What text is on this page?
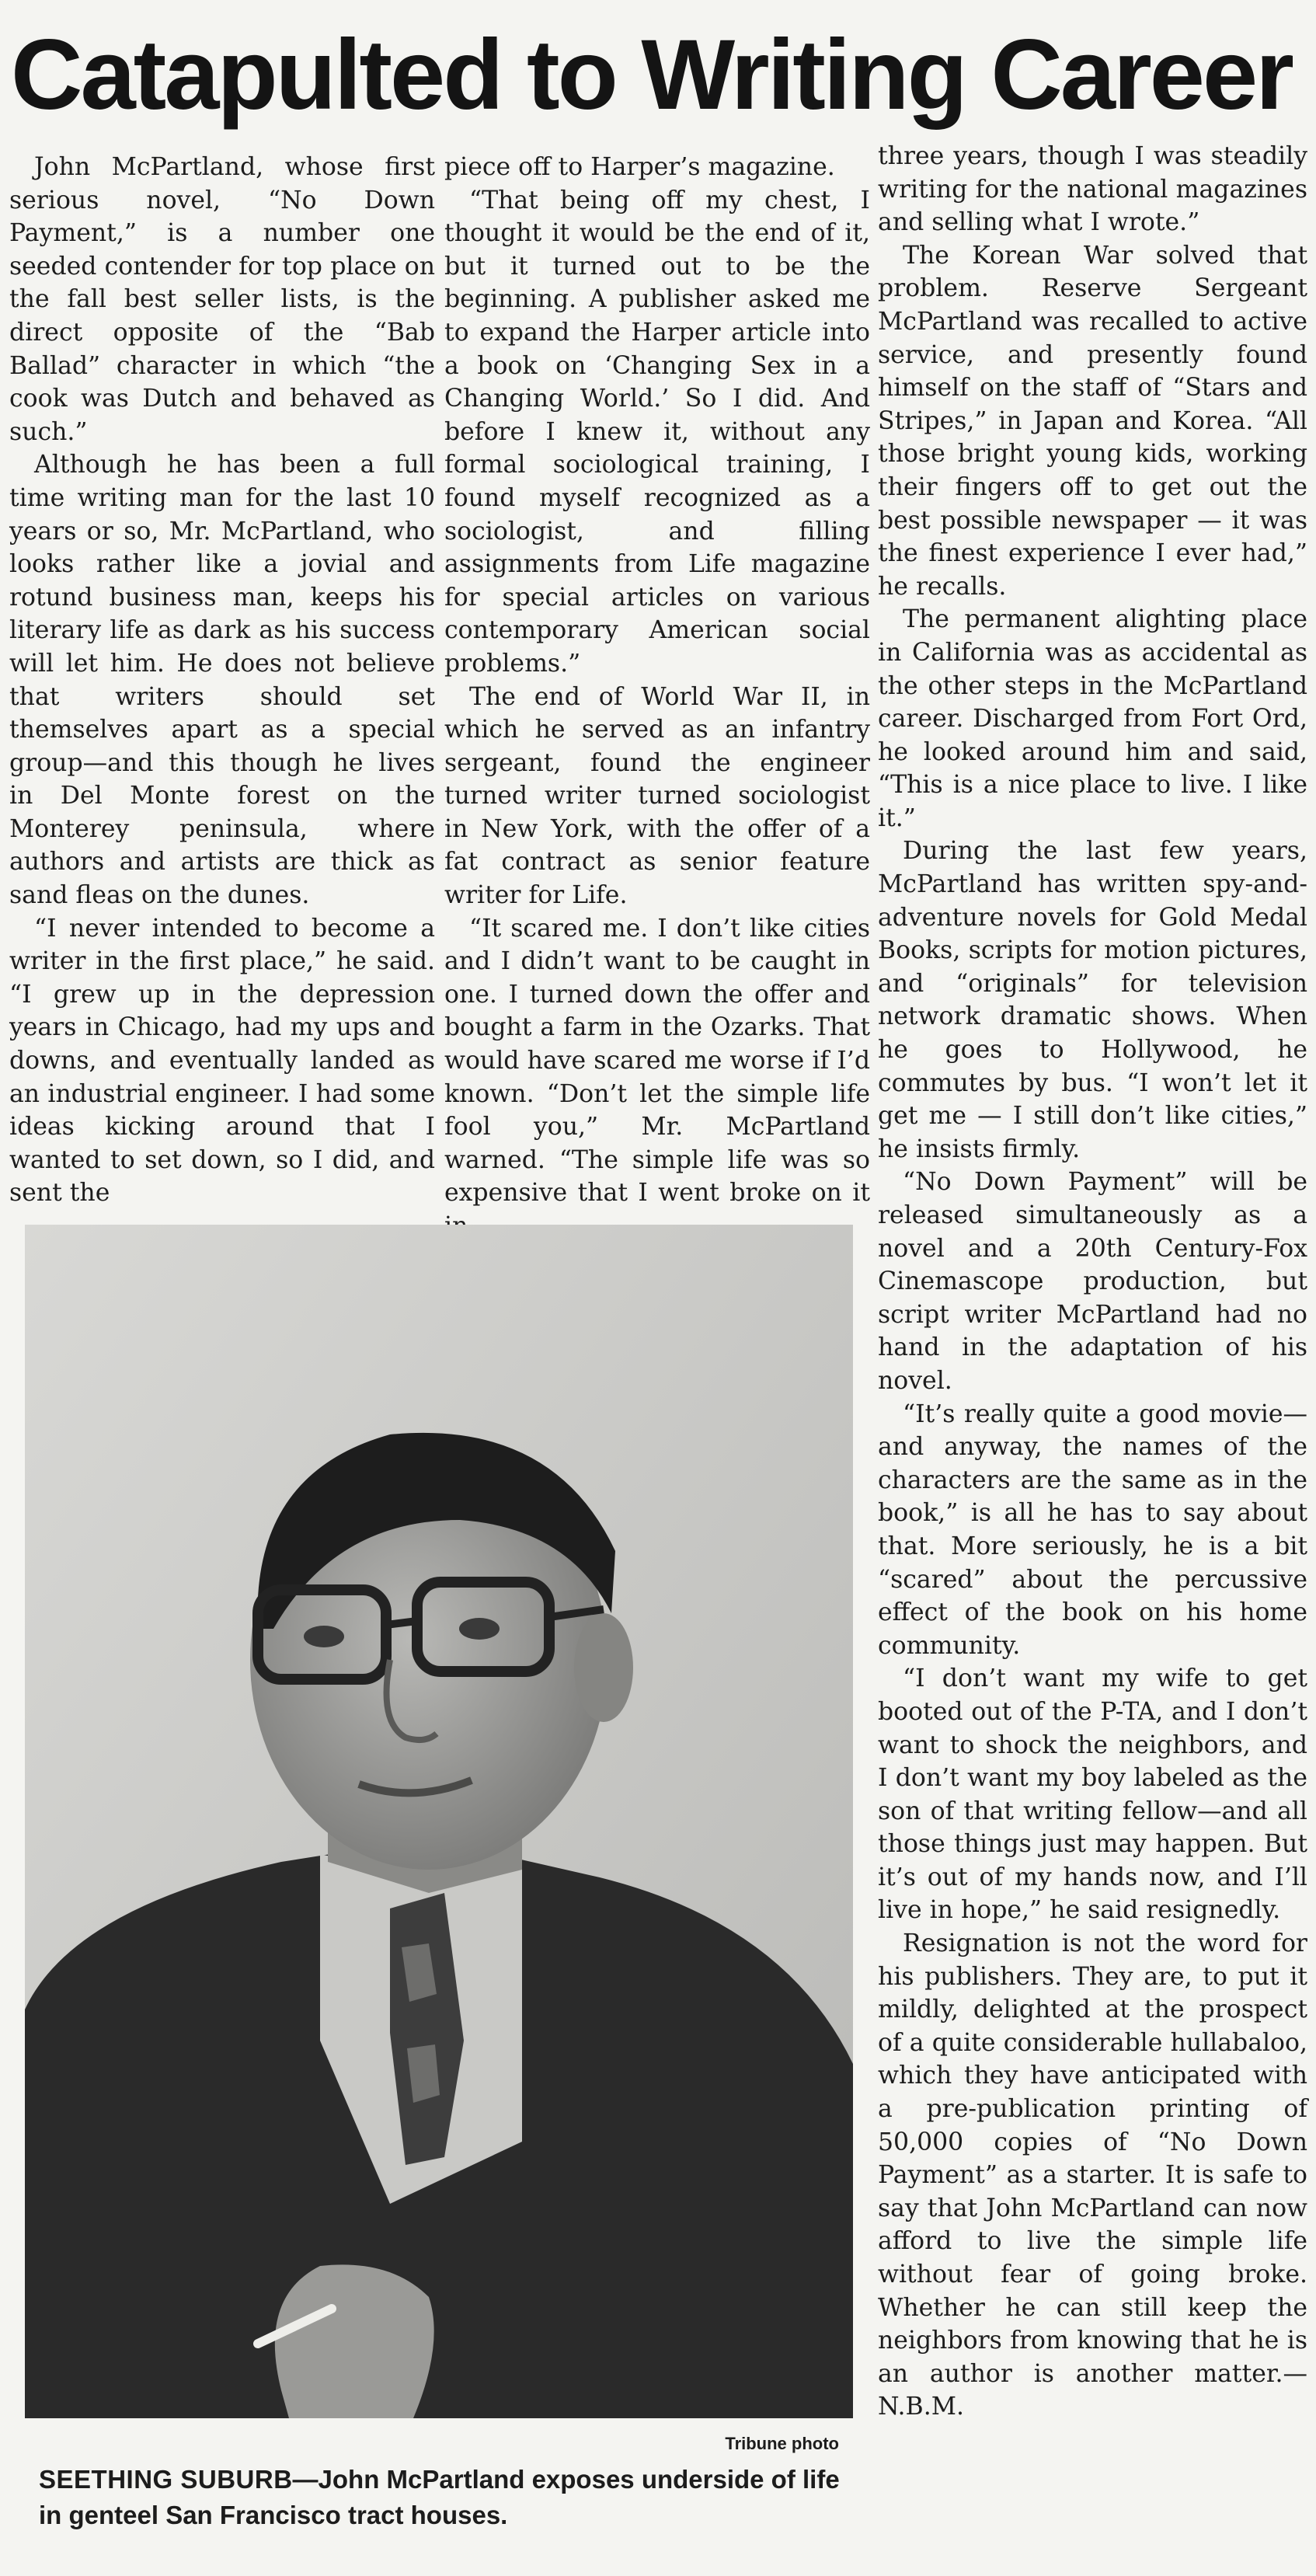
Catapulted to Writing Career

John McPartland, whose first serious novel, “No Down Payment,” is a number one seeded contender for top place on the fall best seller lists, is the direct opposite of the “Bab Ballad” character in which “the cook was Dutch and behaved as such.”

Although he has been a full time writing man for the last 10 years or so, Mr. McPartland, who looks rather like a jovial and rotund business man, keeps his literary life as dark as his success will let him. He does not believe that writers should set themselves apart as a special group—and this though he lives in Del Monte forest on the Monterey peninsula, where authors and artists are thick as sand fleas on the dunes.

“I never intended to become a writer in the first place,” he said. “I grew up in the depression years in Chicago, had my ups and downs, and eventually landed as an industrial engineer. I had some ideas kicking around that I wanted to set down, so I did, and sent the

piece off to Harper’s magazine.

“That being off my chest, I thought it would be the end of it, but it turned out to be the beginning. A publisher asked me to expand the Harper article into a book on ‘Changing Sex in a Changing World.’ So I did. And before I knew it, without any formal sociological training, I found myself recognized as a sociologist, and filling assignments from Life magazine for special articles on various contemporary American social problems.”

The end of World War II, in which he served as an infantry sergeant, found the engineer turned writer turned sociologist in New York, with the offer of a fat contract as senior feature writer for Life.

“It scared me. I don’t like cities and I didn’t want to be caught in one. I turned down the offer and bought a farm in the Ozarks. That would have scared me worse if I’d known. “Don’t let the simple life fool you,” Mr. McPartland warned. “The simple life was so expensive that I went broke on it

three years, though I was steadily writing for the national magazines and selling what I wrote.”

The Korean War solved that problem. Reserve Sergeant McPartland was recalled to active service, and presently found himself on the staff of “Stars and Stripes,” in Japan and Korea. “All those bright young kids, working their fingers off to get out the best possible newspaper — it was the finest experience I ever had,” he recalls.

The permanent alighting place in California was as accidental as the other steps in the McPartland career. Discharged from Fort Ord, he looked around him and said, “This is a nice place to live. I like it.”

During the last few years, McPartland has written spy-and-adventure novels for Gold Medal Books, scripts for motion pictures, and “originals” for television network dramatic shows. When he goes to Hollywood, he commutes by bus. “I won’t let it get me — I still don’t like cities,” he insists firmly.

“No Down Payment” will be released simultaneously as a novel and a 20th Century-Fox Cinemascope production, but script writer McPartland had no hand in the adaptation of his novel.

“It’s really quite a good movie—and anyway, the names of the characters are the same as in the book,” is all he has to say about that. More seriously, he is a bit “scared” about the percussive effect of the book on his home community.

“I don’t want my wife to get booted out of the P-TA, and I don’t want to shock the neighbors, and I don’t want my boy labeled as the son of that writing fellow—and all those things just may happen. But it’s out of my hands now, and I’ll live in hope,” he said resignedly.

Resignation is not the word for his publishers. They are, to put it mildly, delighted at the prospect of a quite considerable hullabaloo, which they have anticipated with a pre-publication printing of 50,000 copies of “No Down Payment” as a starter. It is safe to say that John McPartland can now afford to live the simple life without fear of going broke. Whether he can still keep the neighbors from knowing that he is an author is another matter.—N.B.M.

Tribune photo
SEETHING SUBURB—John McPartland exposes underside of life in genteel San Francisco tract houses.
